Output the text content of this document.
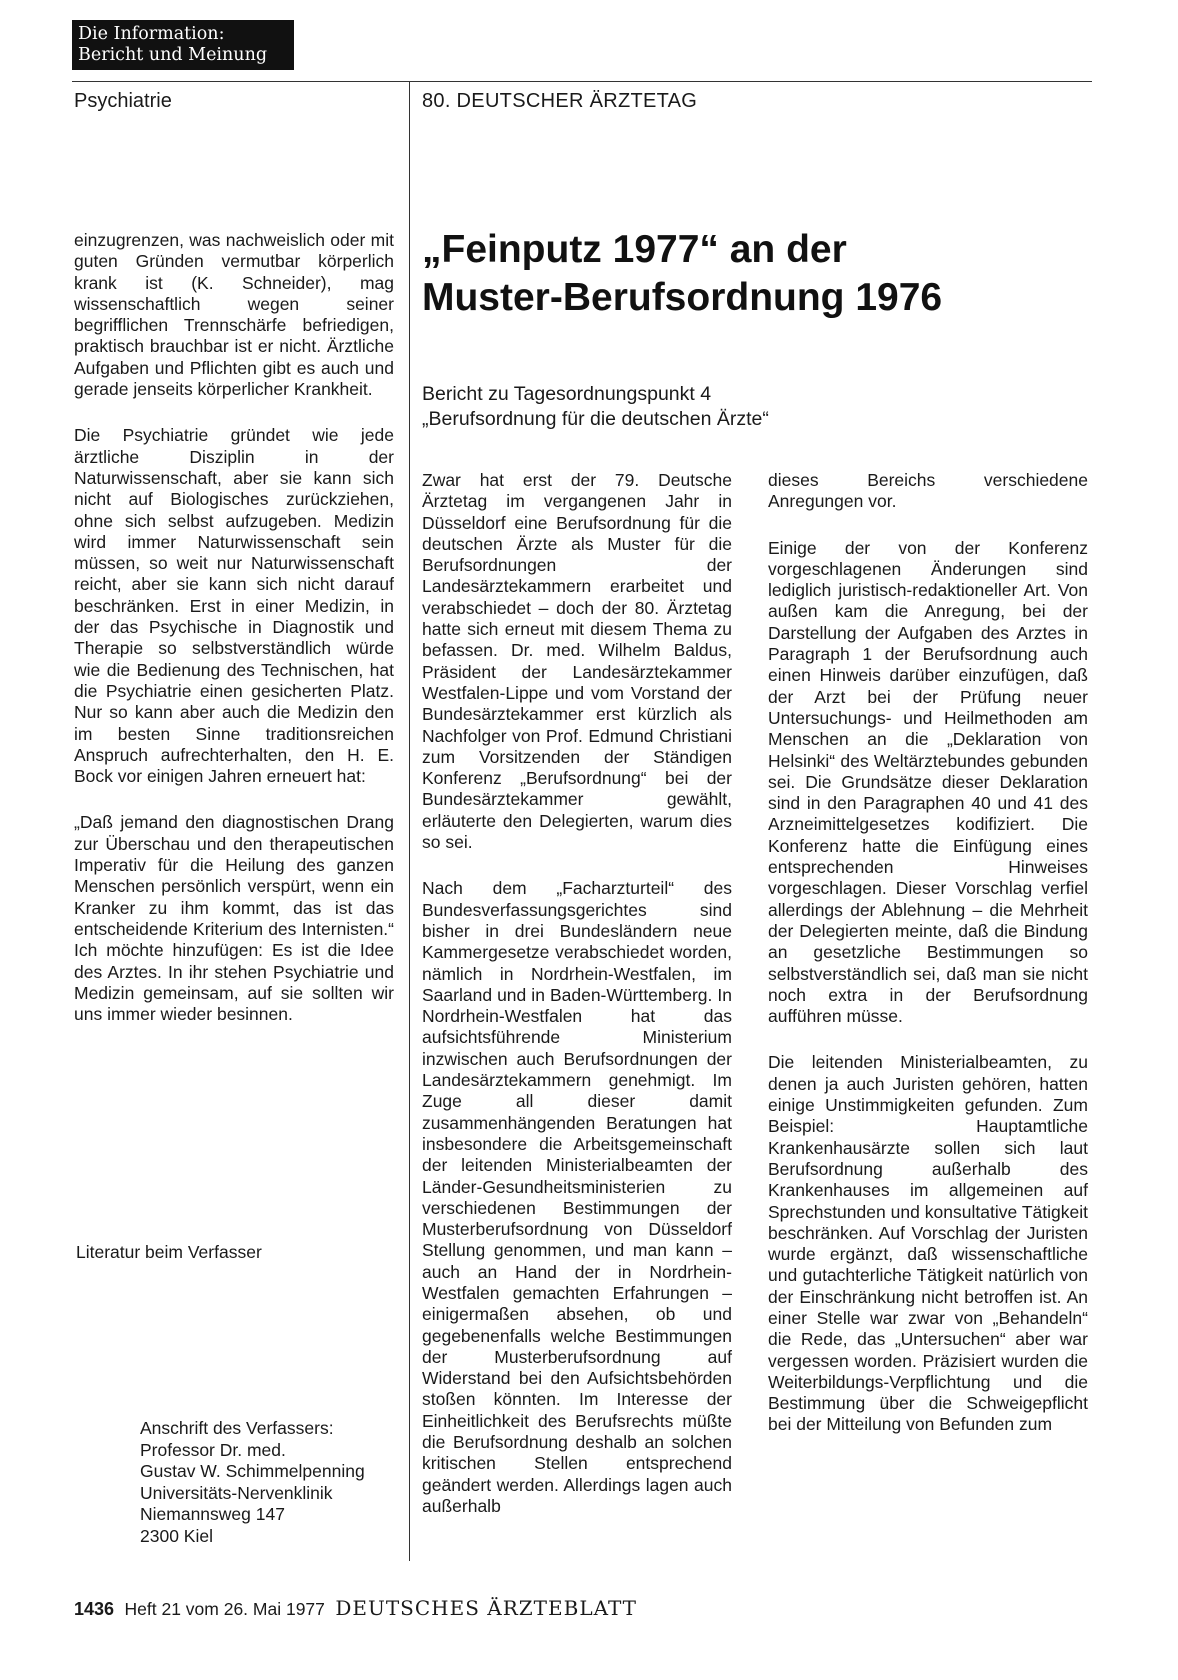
Die Information:
Bericht und Meinung
Psychiatrie	80. DEUTSCHER ÄRZTETAG
„Feinputz 1977“ an der
Muster-Berufsordnung 1976
Bericht zu Tagesordnungspunkt 4
„Berufsordnung für die deutschen Ärzte“

einzugrenzen, was nachweislich oder mit guten Gründen vermutbar körperlich krank ist (K. Schneider), mag wissenschaftlich wegen seiner begrifflichen Trennschärfe befriedigen, praktisch brauchbar ist er nicht. Ärztliche Aufgaben und Pflichten gibt es auch und gerade jenseits körperlicher Krankheit.

Die Psychiatrie gründet wie jede ärztliche Disziplin in der Naturwissenschaft, aber sie kann sich nicht auf Biologisches zurückziehen, ohne sich selbst aufzugeben. Medizin wird immer Naturwissenschaft sein müssen, so weit nur Naturwissenschaft reicht, aber sie kann sich nicht darauf beschränken. Erst in einer Medizin, in der das Psychische in Diagnostik und Therapie so selbstverständlich würde wie die Bedienung des Technischen, hat die Psychiatrie einen gesicherten Platz. Nur so kann aber auch die Medizin den im besten Sinne traditionsreichen Anspruch aufrechterhalten, den H. E. Bock vor einigen Jahren erneuert hat:

„Daß jemand den diagnostischen Drang zur Überschau und den therapeutischen Imperativ für die Heilung des ganzen Menschen persönlich verspürt, wenn ein Kranker zu ihm kommt, das ist das entscheidende Kriterium des Internisten.“ Ich möchte hinzufügen: Es ist die Idee des Arztes. In ihr stehen Psychiatrie und Medizin gemeinsam, auf sie sollten wir uns immer wieder besinnen.

Literatur beim Verfasser
Anschrift des Verfassers:
Professor Dr. med.
Gustav W. Schimmelpenning
Universitäts-Nervenklinik
Niemannsweg 147
2300 Kiel

Zwar hat erst der 79. Deutsche Ärztetag im vergangenen Jahr in Düsseldorf eine Berufsordnung für die deutschen Ärzte als Muster für die Berufsordnungen der Landesärztekammern erarbeitet und verabschiedet – doch der 80. Ärztetag hatte sich erneut mit diesem Thema zu befassen. Dr. med. Wilhelm Baldus, Präsident der Landesärztekammer Westfalen-Lippe und vom Vorstand der Bundesärztekammer erst kürzlich als Nachfolger von Prof. Edmund Christiani zum Vorsitzenden der Ständigen Konferenz „Berufsordnung“ bei der Bundesärztekammer gewählt, erläuterte den Delegierten, warum dies so sei.

Nach dem „Facharzturteil“ des Bundesverfassungsgerichtes sind bisher in drei Bundesländern neue Kammergesetze verabschiedet worden, nämlich in Nordrhein-Westfalen, im Saarland und in Baden-Württemberg. In Nordrhein-Westfalen hat das aufsichtsführende Ministerium inzwischen auch Berufsordnungen der Landesärztekammern genehmigt. Im Zuge all dieser damit zusammenhängenden Beratungen hat insbesondere die Arbeitsgemeinschaft der leitenden Ministerialbeamten der Länder-Gesundheitsministerien zu verschiedenen Bestimmungen der Musterberufsordnung von Düsseldorf Stellung genommen, und man kann – auch an Hand der in Nordrhein-Westfalen gemachten Erfahrungen – einigermaßen absehen, ob und gegebenenfalls welche Bestimmungen der Musterberufsordnung auf Widerstand bei den Aufsichtsbehörden stoßen könnten. Im Interesse der Einheitlichkeit des Berufsrechts müßte die Berufsordnung deshalb an solchen kritischen Stellen entsprechend geändert werden. Allerdings lagen auch außerhalb

dieses Bereichs verschiedene Anregungen vor.

Einige der von der Konferenz vorgeschlagenen Änderungen sind lediglich juristisch-redaktioneller Art. Von außen kam die Anregung, bei der Darstellung der Aufgaben des Arztes in Paragraph 1 der Berufsordnung auch einen Hinweis darüber einzufügen, daß der Arzt bei der Prüfung neuer Untersuchungs- und Heilmethoden am Menschen an die „Deklaration von Helsinki“ des Weltärztebundes gebunden sei. Die Grundsätze dieser Deklaration sind in den Paragraphen 40 und 41 des Arzneimittelgesetzes kodifiziert. Die Konferenz hatte die Einfügung eines entsprechenden Hinweises vorgeschlagen. Dieser Vorschlag verfiel allerdings der Ablehnung – die Mehrheit der Delegierten meinte, daß die Bindung an gesetzliche Bestimmungen so selbstverständlich sei, daß man sie nicht noch extra in der Berufsordnung aufführen müsse.

Die leitenden Ministerialbeamten, zu denen ja auch Juristen gehören, hatten einige Unstimmigkeiten gefunden. Zum Beispiel: Hauptamtliche Krankenhausärzte sollen sich laut Berufsordnung außerhalb des Krankenhauses im allgemeinen auf Sprechstunden und konsultative Tätigkeit beschränken. Auf Vorschlag der Juristen wurde ergänzt, daß wissenschaftliche und gutachterliche Tätigkeit natürlich von der Einschränkung nicht betroffen ist. An einer Stelle war zwar von „Behandeln“ die Rede, das „Untersuchen“ aber war vergessen worden. Präzisiert wurden die Weiterbildungs-Verpflichtung und die Bestimmung über die Schweigepflicht bei der Mitteilung von Befunden zum

1436 Heft 21 vom 26. Mai 1977 DEUTSCHES ÄRZTEBLATT
